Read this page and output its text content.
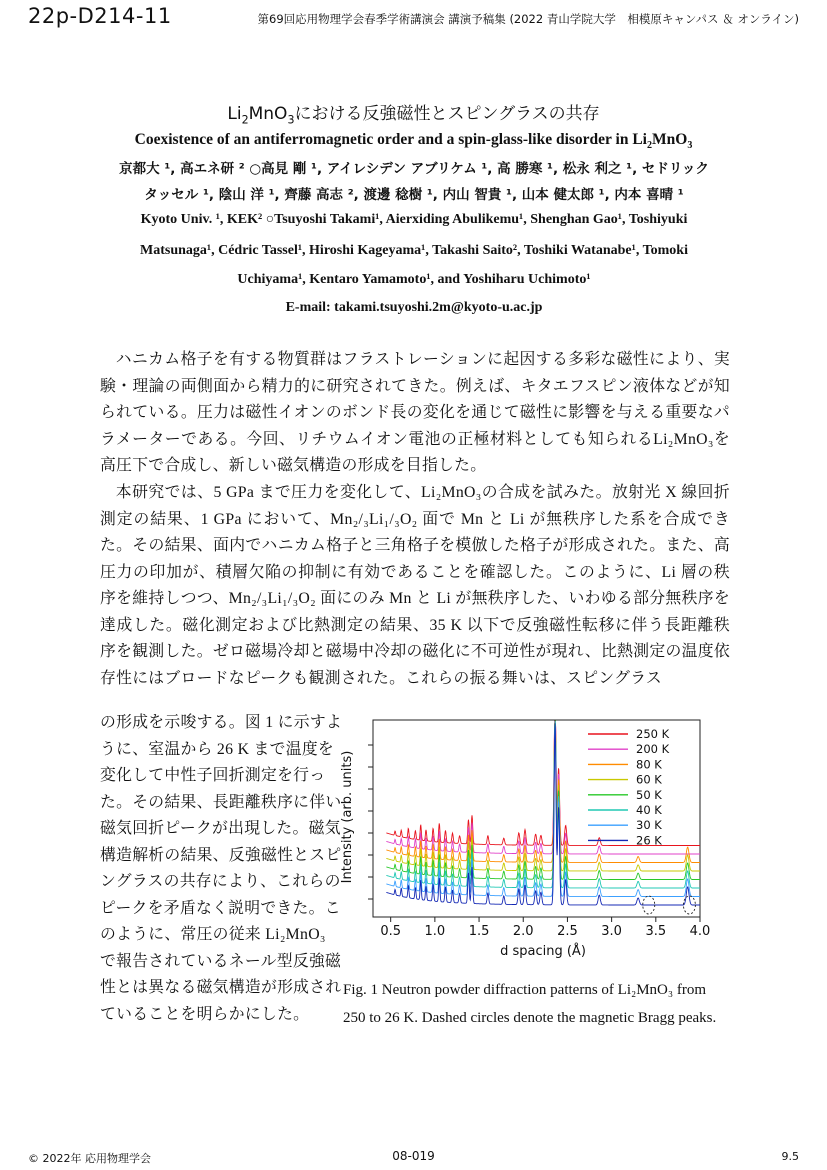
22p-D214-11	第69回応用物理学会春季学術講演会 講演予稿集 (2022 青山学院大学　相模原キャンパス ＆ オンライン)
$Li_2MnO_3$における反強磁性とスピングラスの共存
Coexistence of an antiferromagnetic order and a spin-glass-like disorder in $Li_2MnO_3$
京都大 ¹, 高エネ研 ² ○高見 剛 ¹, アイレシデン アブリケム ¹, 高 勝寒 ¹, 松永 利之 ¹, セドリック
タッセル ¹, 陰山 洋 ¹, 齊藤 高志 ², 渡邊 稔樹 ¹, 内山 智貴 ¹, 山本 健太郎 ¹, 内本 喜晴 ¹
Kyoto Univ. ¹, KEK² ○Tsuyoshi Takami¹, Aierxiding Abulikemu¹, Shenghan Gao¹, Toshiyuki
Matsunaga¹, Cédric Tassel¹, Hiroshi Kageyama¹, Takashi Saito², Toshiki Watanabe¹, Tomoki
Uchiyama¹, Kentaro Yamamoto¹, and Yoshiharu Uchimoto¹
E-mail: takami.tsuyoshi.2m@kyoto-u.ac.jp
ハニカム格子を有する物質群はフラストレーションに起因する多彩な磁性により、実験・理論の両側面から精力的に研究されてきた。例えば、キタエフスピン液体などが知られている。圧力は磁性イオンのボンド長の変化を通じて磁性に影響を与える重要なパラメーターである。今回、リチウムイオン電池の正極材料としても知られるLi₂MnO₃を高圧下で合成し、新しい磁気構造の形成を目指した。
本研究では、5 GPa まで圧力を変化して、Li₂MnO₃の合成を試みた。放射光 X 線回折測定の結果、1 GPa において、Mn₂/₃Li₁/₃O₂ 面で Mn と Li が無秩序した系を合成できた。その結果、面内でハニカム格子と三角格子を模倣した格子が形成された。また、高圧力の印加が、積層欠陥の抑制に有効であることを確認した。このように、Li 層の秩序を維持しつつ、Mn₂/₃Li₁/₃O₂ 面にのみ Mn と Li が無秩序した、いわゆる部分無秩序を達成した。磁化測定および比熱測定の結果、35 K 以下で反強磁性転移に伴う長距離秩序を観測した。ゼロ磁場冷却と磁場中冷却の磁化に不可逆性が現れ、比熱測定の温度依存性にはブロードなピークも観測された。これらの振る舞いは、スピングラス
の形成を示唆する。図 1 に示すように、室温から 26 K まで温度を変化して中性子回折測定を行った。その結果、長距離秩序に伴い磁気回折ピークが出現した。磁気構造解析の結果、反強磁性とスピングラスの共存により、これらのピークを矛盾なく説明できた。このように、常圧の従来 Li₂MnO₃ で報告されているネール型反強磁性とは異なる磁気構造が形成されていることを明らかにした。
0.5 1.0 1.5 2.0 2.5 3.0 3.5 4.0
250 K
200 K
80 K
60 K
50 K
40 K
30 K
26 K
d spacing (Å)
Intensity (arb. units)
Fig. 1 Neutron powder diffraction patterns of Li₂MnO₃ from 250 to 26 K. Dashed circles denote the magnetic Bragg peaks.
© 2022年 応用物理学会	08-019	9.5
